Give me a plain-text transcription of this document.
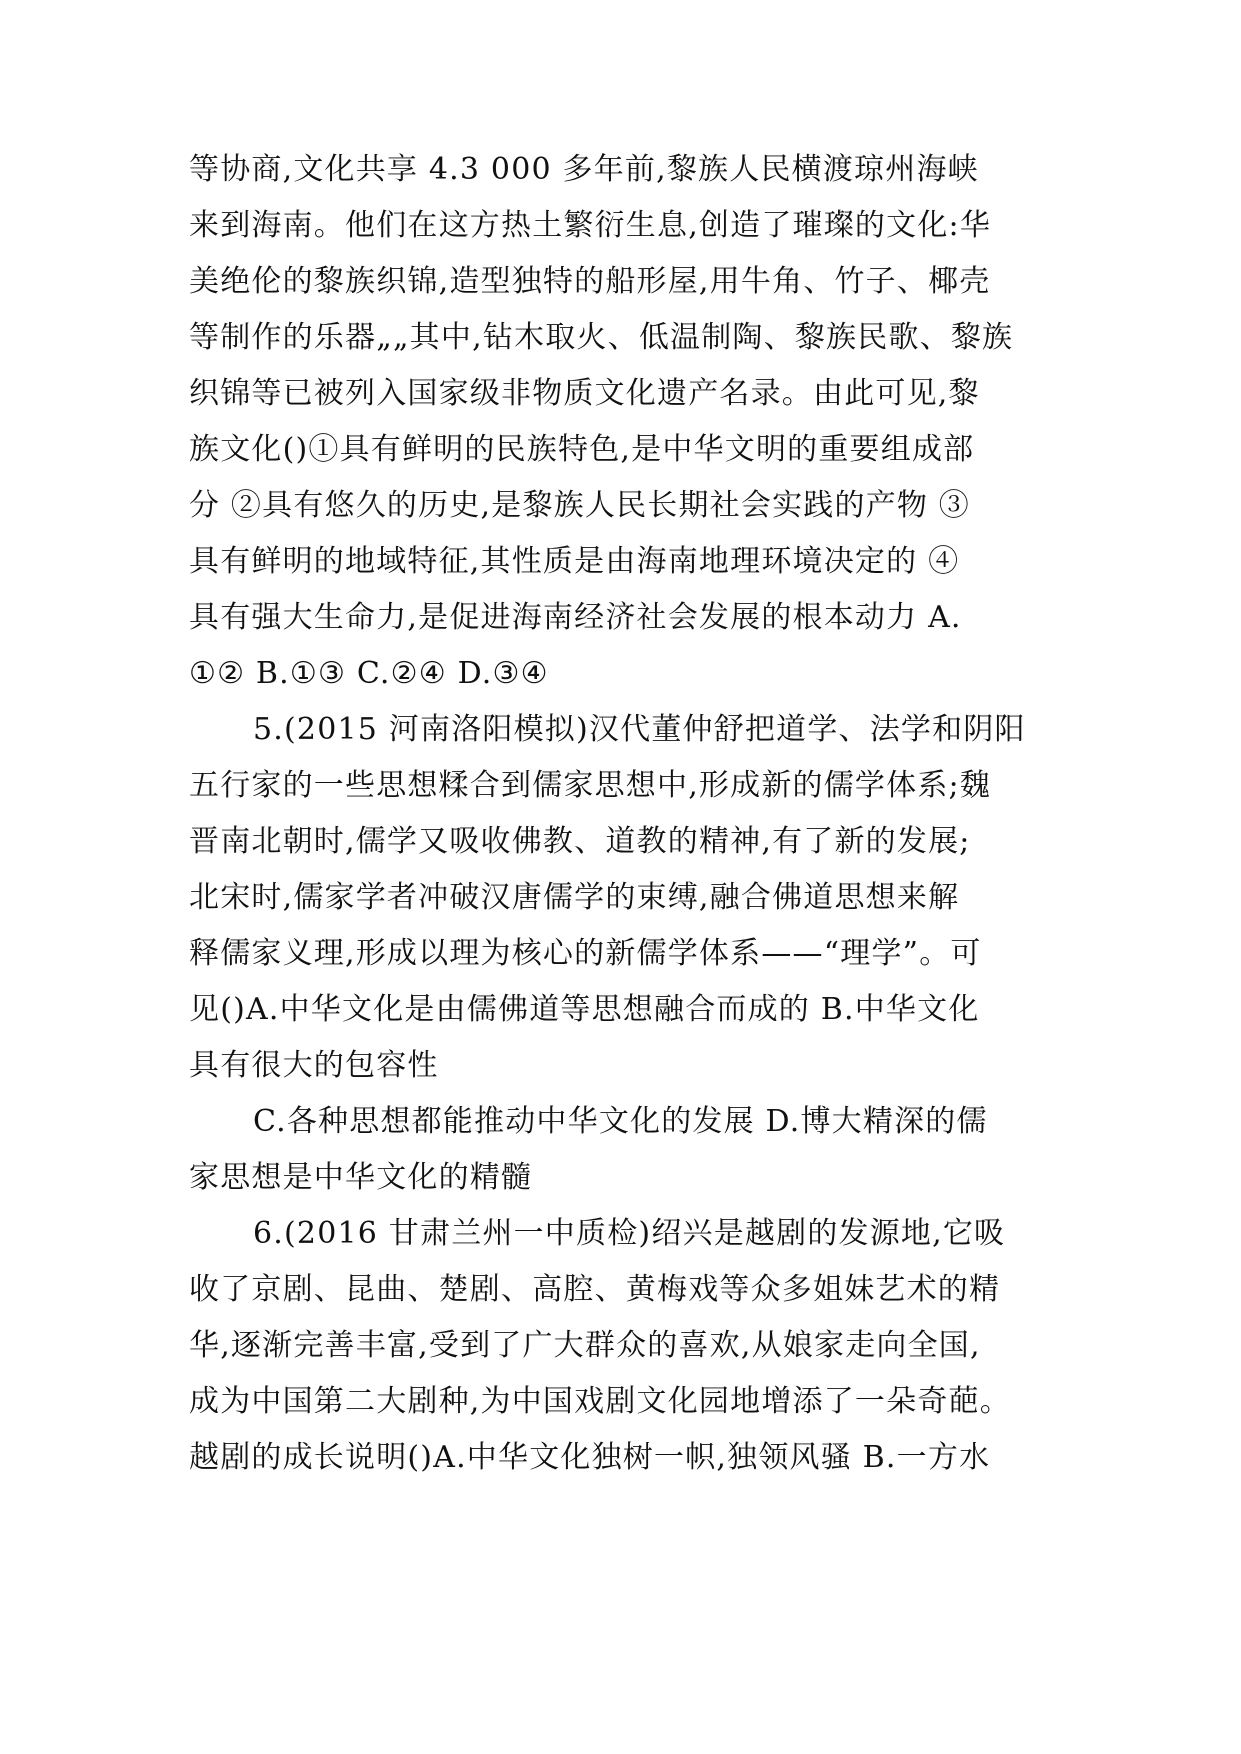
等协商,文化共享 4.3 000 多年前,黎族人民横渡琼州海峡
来到海南。他们在这方热土繁衍生息,创造了璀璨的文化:华
美绝伦的黎族织锦,造型独特的船形屋,用牛角、竹子、椰壳
等制作的乐器„„其中,钻木取火、低温制陶、黎族民歌、黎族
织锦等已被列入国家级非物质文化遗产名录。由此可见,黎
族文化()①具有鲜明的民族特色,是中华文明的重要组成部
分 ②具有悠久的历史,是黎族人民长期社会实践的产物 ③
具有鲜明的地域特征,其性质是由海南地理环境决定的 ④
具有强大生命力,是促进海南经济社会发展的根本动力 A.
①② B.①③ C.②④ D.③④
5.(2015 河南洛阳模拟)汉代董仲舒把道学、法学和阴阳
五行家的一些思想糅合到儒家思想中,形成新的儒学体系;魏
晋南北朝时,儒学又吸收佛教、道教的精神,有了新的发展;
北宋时,儒家学者冲破汉唐儒学的束缚,融合佛道思想来解
释儒家义理,形成以理为核心的新儒学体系——“理学”。可
见()A.中华文化是由儒佛道等思想融合而成的 B.中华文化
具有很大的包容性
C.各种思想都能推动中华文化的发展 D.博大精深的儒
家思想是中华文化的精髓
6.(2016 甘肃兰州一中质检)绍兴是越剧的发源地,它吸
收了京剧、昆曲、楚剧、高腔、黄梅戏等众多姐妹艺术的精
华,逐渐完善丰富,受到了广大群众的喜欢,从娘家走向全国,
成为中国第二大剧种,为中国戏剧文化园地增添了一朵奇葩。
越剧的成长说明()A.中华文化独树一帜,独领风骚 B.一方水
